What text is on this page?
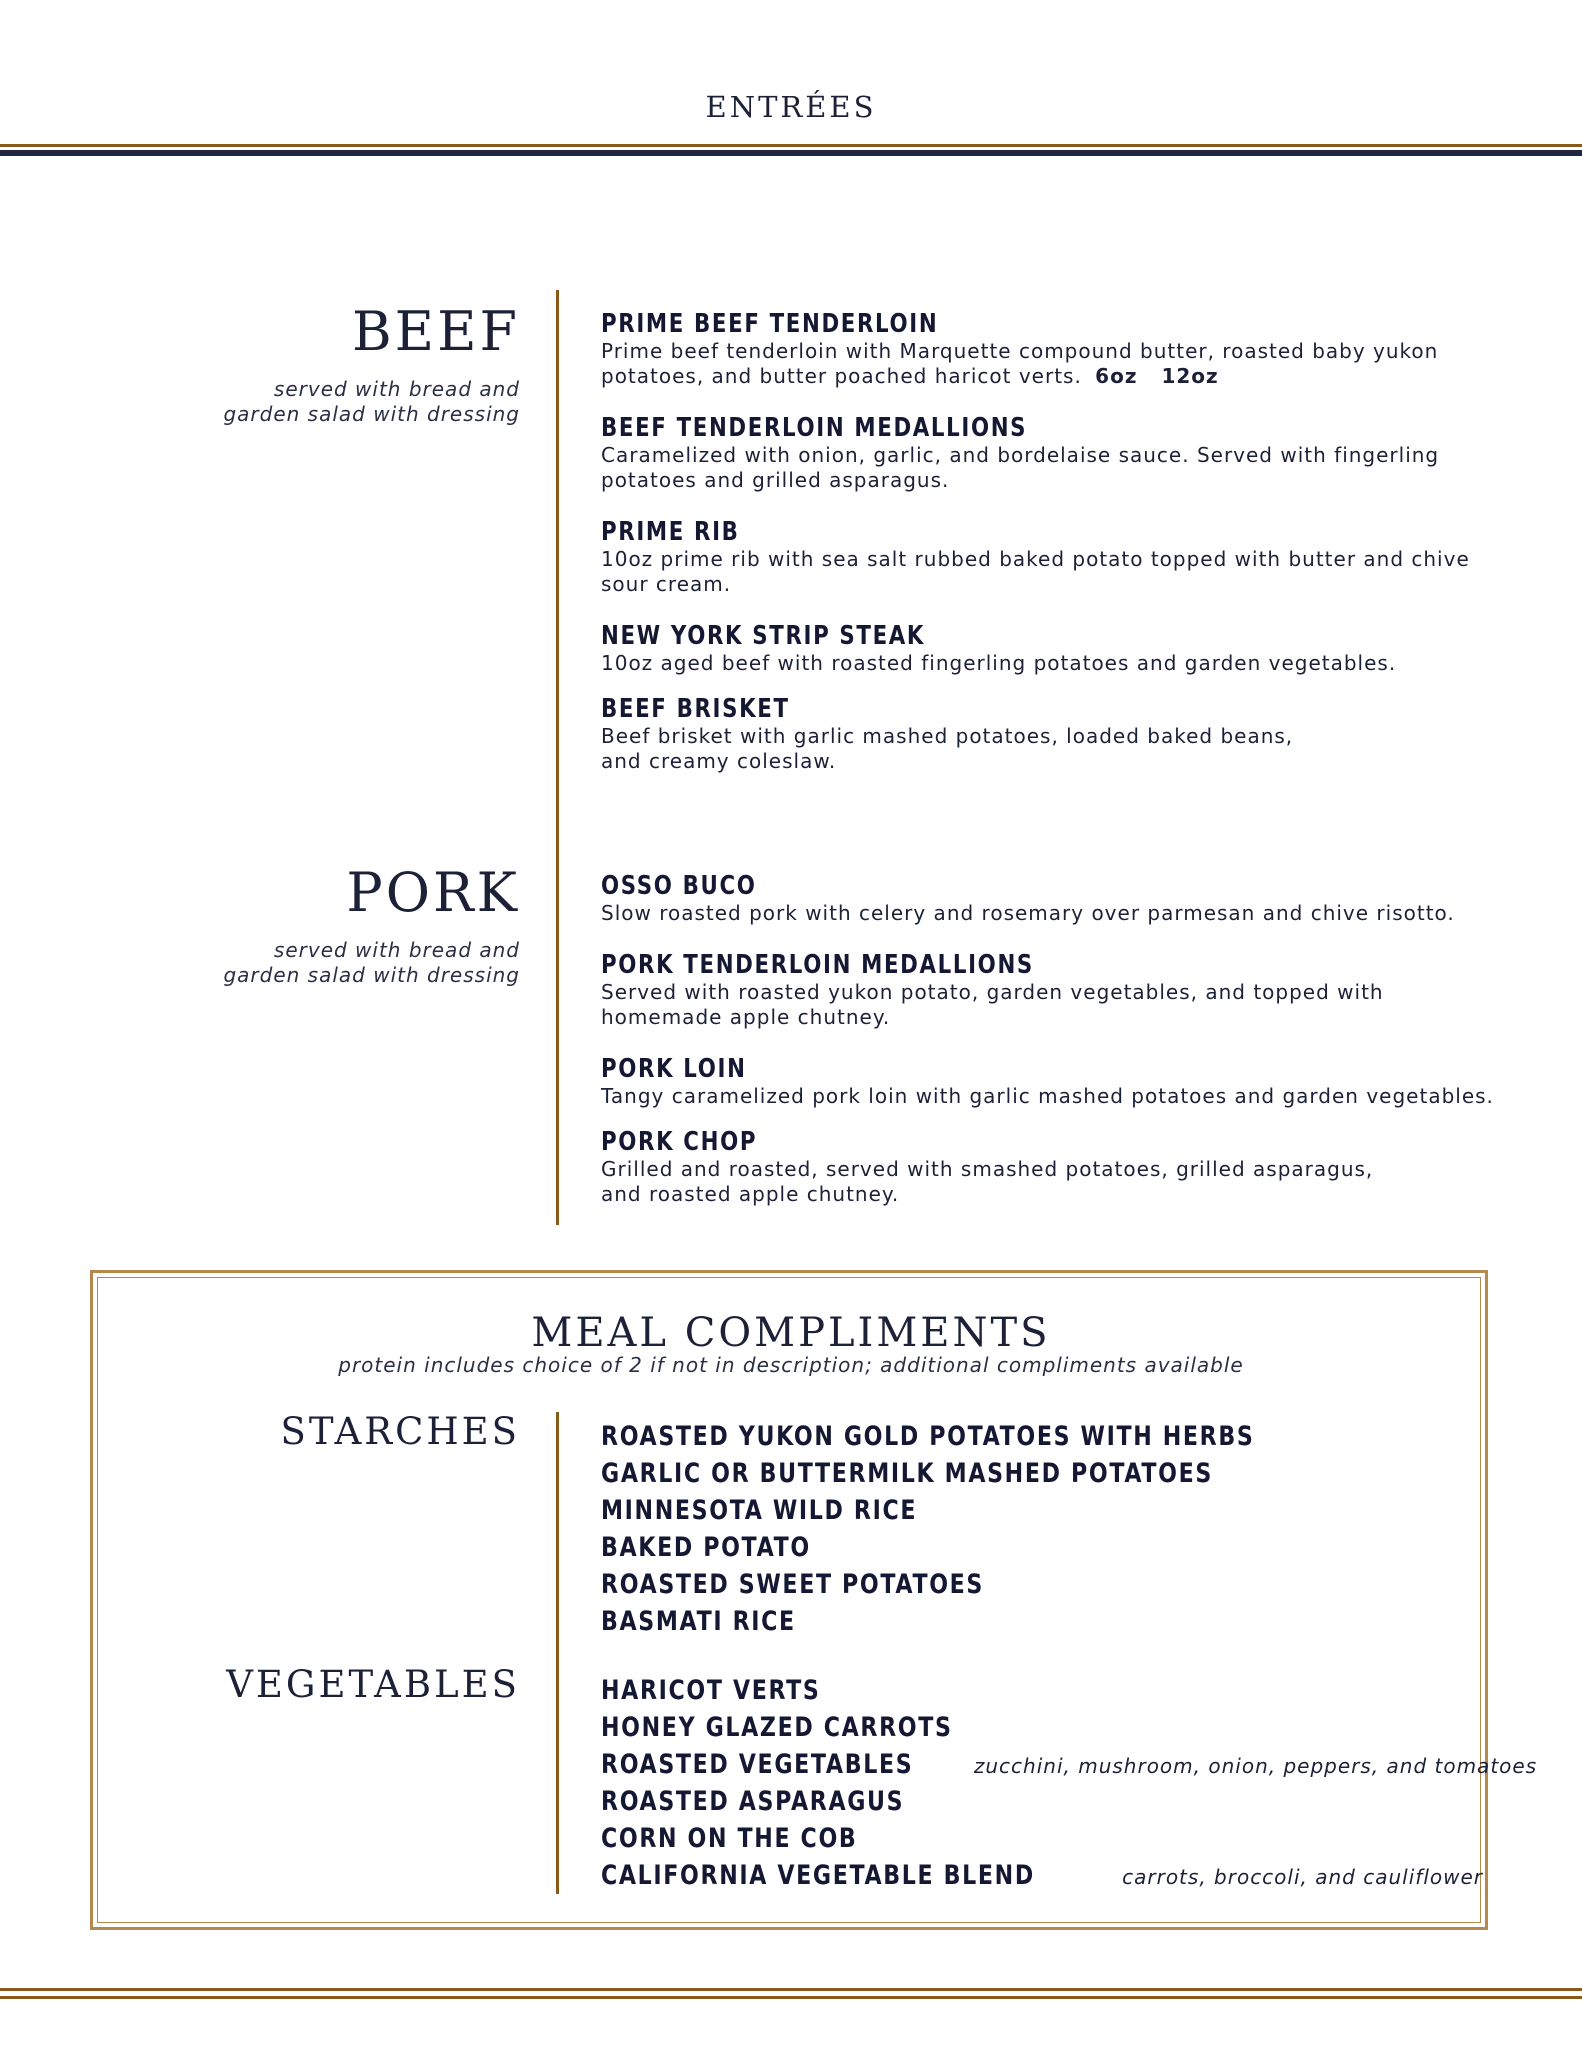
ENTRÉES
BEEF
served with bread and
garden salad with dressing
PRIME BEEF TENDERLOIN
Prime beef tenderloin with Marquette compound butter, roasted baby yukon
potatoes, and butter poached haricot verts. 6oz 12oz
BEEF TENDERLOIN MEDALLIONS
Caramelized with onion, garlic, and bordelaise sauce. Served with fingerling
potatoes and grilled asparagus.
PRIME RIB
10oz prime rib with sea salt rubbed baked potato topped with butter and chive
sour cream.
NEW YORK STRIP STEAK
10oz aged beef with roasted fingerling potatoes and garden vegetables.
BEEF BRISKET
Beef brisket with garlic mashed potatoes, loaded baked beans,
and creamy coleslaw.
PORK
served with bread and
garden salad with dressing
OSSO BUCO
Slow roasted pork with celery and rosemary over parmesan and chive risotto.
PORK TENDERLOIN MEDALLIONS
Served with roasted yukon potato, garden vegetables, and topped with
homemade apple chutney.
PORK LOIN
Tangy caramelized pork loin with garlic mashed potatoes and garden vegetables.
PORK CHOP
Grilled and roasted, served with smashed potatoes, grilled asparagus,
and roasted apple chutney.
MEAL COMPLIMENTS
protein includes choice of 2 if not in description; additional compliments available
STARCHES
VEGETABLES
ROASTED YUKON GOLD POTATOES WITH HERBS
GARLIC OR BUTTERMILK MASHED POTATOES
MINNESOTA WILD RICE
BAKED POTATO
ROASTED SWEET POTATOES
BASMATI RICE
HARICOT VERTS
HONEY GLAZED CARROTS
ROASTED VEGETABLES	zucchini, mushroom, onion, peppers, and tomatoes
ROASTED ASPARAGUS
CORN ON THE COB
CALIFORNIA VEGETABLE BLEND	carrots, broccoli, and cauliflower
